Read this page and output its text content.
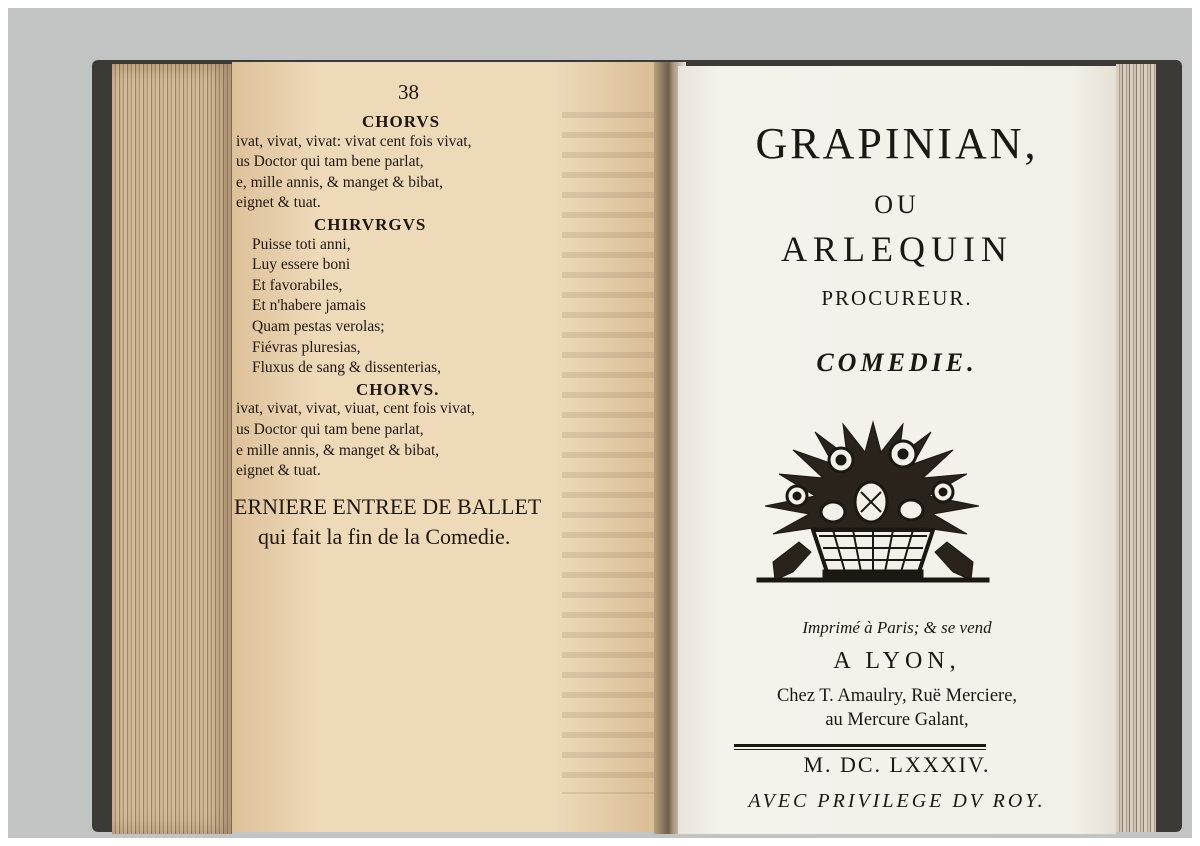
38
CHORVS
ivat, vivat, vivat: vivat cent fois vivat,
us Doctor qui tam bene parlat,
e, mille annis, & manget & bibat,
eignet & tuat.
CHIRVRGVS
Puisse toti anni,
Luy essere boni
Et favorabiles,
Et n'habere jamais
Quam pestas verolas;
Fiévras pluresias,
Fluxus de sang & dissenterias,
CHORVS.
ivat, vivat, vivat, viuat, cent fois vivat,
us Doctor qui tam bene parlat,
e mille annis, & manget & bibat,
eignet & tuat.
ERNIERE ENTREE DE BALLET
qui fait la fin de la Comedie.
GRAPINIAN,
OU
ARLEQUIN
PROCUREUR.
COMEDIE.
Imprimé à Paris; & se vend
A LYON,
Chez T. Amaulry, Ruë Merciere,
au Mercure Galant,
M. DC. LXXXIV.
AVEC PRIVILEGE DV ROY.
